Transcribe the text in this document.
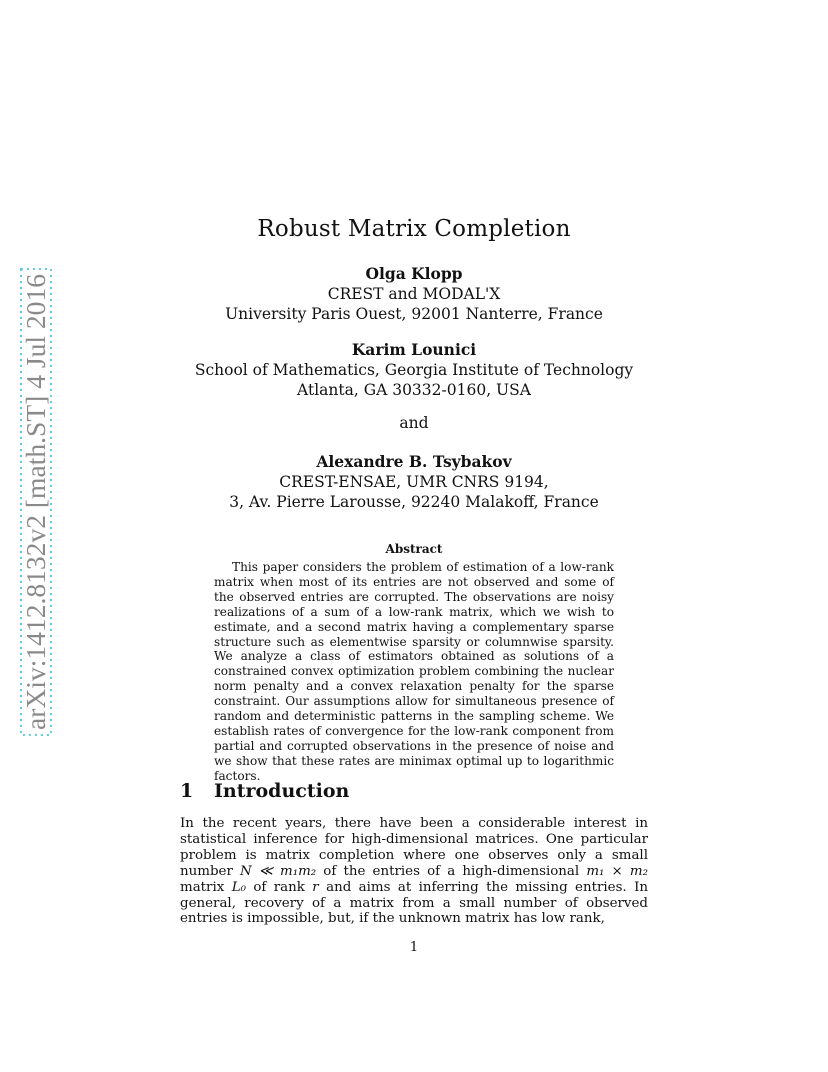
arXiv:1412.8132v2 [math.ST] 4 Jul 2016
Robust Matrix Completion
Olga Klopp
CREST and MODAL'X
University Paris Ouest, 92001 Nanterre, France
Karim Lounici
School of Mathematics, Georgia Institute of Technology
Atlanta, GA 30332-0160, USA
and
Alexandre B. Tsybakov
CREST-ENSAE, UMR CNRS 9194,
3, Av. Pierre Larousse, 92240 Malakoff, France
Abstract
This paper considers the problem of estimation of a low-rank matrix when most of its entries are not observed and some of the observed entries are corrupted. The observations are noisy realizations of a sum of a low-rank matrix, which we wish to estimate, and a second matrix having a complementary sparse structure such as elementwise sparsity or columnwise sparsity. We analyze a class of estimators obtained as solutions of a constrained convex optimization problem combining the nuclear norm penalty and a convex relaxation penalty for the sparse constraint. Our assumptions allow for simultaneous presence of random and deterministic patterns in the sampling scheme. We establish rates of convergence for the low-rank component from partial and corrupted observations in the presence of noise and we show that these rates are minimax optimal up to logarithmic factors.
1 Introduction
In the recent years, there have been a considerable interest in statistical inference for high-dimensional matrices. One particular problem is matrix completion where one observes only a small number N ≪ m₁m₂ of the entries of a high-dimensional m₁ × m₂ matrix L₀ of rank r and aims at inferring the missing entries. In general, recovery of a matrix from a small number of observed entries is impossible, but, if the unknown matrix has low rank,
1
